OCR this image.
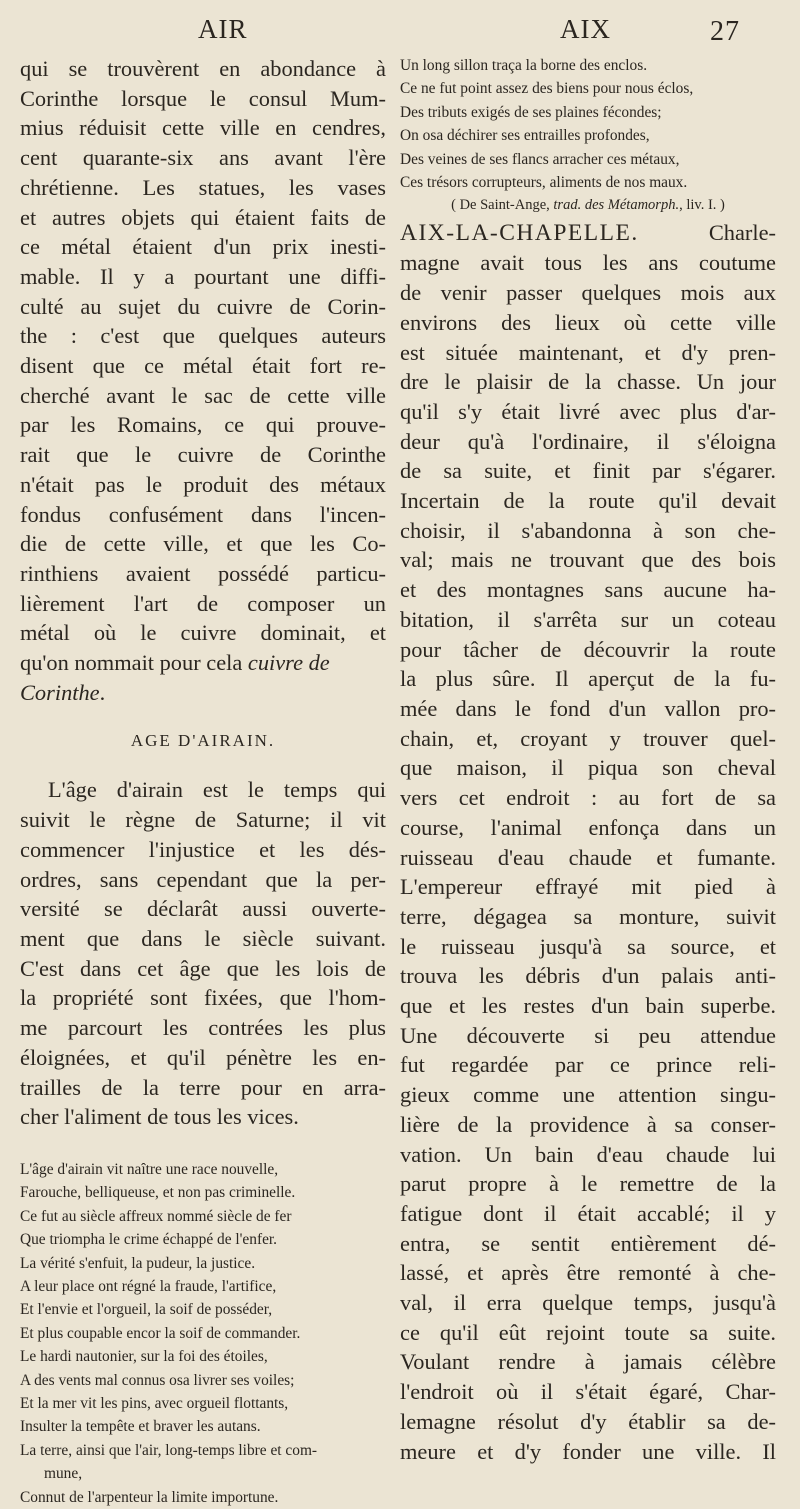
AIR	AIX	27
qui se trouvèrent en abondance à
Corinthe lorsque le consul Mum-
mius réduisit cette ville en cendres,
cent quarante-six ans avant l'ère
chrétienne. Les statues, les vases
et autres objets qui étaient faits de
ce métal étaient d'un prix inesti-
mable. Il y a pourtant une diffi-
culté au sujet du cuivre de Corin-
the : c'est que quelques auteurs
disent que ce métal était fort re-
cherché avant le sac de cette ville
par les Romains, ce qui prouve-
rait que le cuivre de Corinthe
n'était pas le produit des métaux
fondus confusément dans l'incen-
die de cette ville, et que les Co-
rinthiens avaient possédé particu-
lièrement l'art de composer un
métal où le cuivre dominait, et
qu'on nommait pour cela cuivre de
Corinthe.
AGE D'AIRAIN.
L'âge d'airain est le temps qui
suivit le règne de Saturne; il vit
commencer l'injustice et les dés-
ordres, sans cependant que la per-
versité se déclarât aussi ouverte-
ment que dans le siècle suivant.
C'est dans cet âge que les lois de
la propriété sont fixées, que l'hom-
me parcourt les contrées les plus
éloignées, et qu'il pénètre les en-
trailles de la terre pour en arra-
cher l'aliment de tous les vices.
L'âge d'airain vit naître une race nouvelle,
Farouche, belliqueuse, et non pas criminelle.
Ce fut au siècle affreux nommé siècle de fer
Que triompha le crime échappé de l'enfer.
La vérité s'enfuit, la pudeur, la justice.
A leur place ont régné la fraude, l'artifice,
Et l'envie et l'orgueil, la soif de posséder,
Et plus coupable encor la soif de commander.
Le hardi nautonier, sur la foi des étoiles,
A des vents mal connus osa livrer ses voiles;
Et la mer vit les pins, avec orgueil flottants,
Insulter la tempête et braver les autans.
La terre, ainsi que l'air, long-temps libre et com-
mune,
Connut de l'arpenteur la limite importune.
Un long sillon traça la borne des enclos.
Ce ne fut point assez des biens pour nous éclos,
Des tributs exigés de ses plaines fécondes;
On osa déchirer ses entrailles profondes,
Des veines de ses flancs arracher ces métaux,
Ces trésors corrupteurs, aliments de nos maux.
( De Saint-Ange, trad. des Métamorph., liv. I. )
AIX-LA-CHAPELLE. Charle-
magne avait tous les ans coutume
de venir passer quelques mois aux
environs des lieux où cette ville
est située maintenant, et d'y pren-
dre le plaisir de la chasse. Un jour
qu'il s'y était livré avec plus d'ar-
deur qu'à l'ordinaire, il s'éloigna
de sa suite, et finit par s'égarer.
Incertain de la route qu'il devait
choisir, il s'abandonna à son che-
val; mais ne trouvant que des bois
et des montagnes sans aucune ha-
bitation, il s'arrêta sur un coteau
pour tâcher de découvrir la route
la plus sûre. Il aperçut de la fu-
mée dans le fond d'un vallon pro-
chain, et, croyant y trouver quel-
que maison, il piqua son cheval
vers cet endroit : au fort de sa
course, l'animal enfonça dans un
ruisseau d'eau chaude et fumante.
L'empereur effrayé mit pied à
terre, dégagea sa monture, suivit
le ruisseau jusqu'à sa source, et
trouva les débris d'un palais anti-
que et les restes d'un bain superbe.
Une découverte si peu attendue
fut regardée par ce prince reli-
gieux comme une attention singu-
lière de la providence à sa conser-
vation. Un bain d'eau chaude lui
parut propre à le remettre de la
fatigue dont il était accablé; il y
entra, se sentit entièrement dé-
lassé, et après être remonté à che-
val, il erra quelque temps, jusqu'à
ce qu'il eût rejoint toute sa suite.
Voulant rendre à jamais célèbre
l'endroit où il s'était égaré, Char-
lemagne résolut d'y établir sa de-
meure et d'y fonder une ville. Il
